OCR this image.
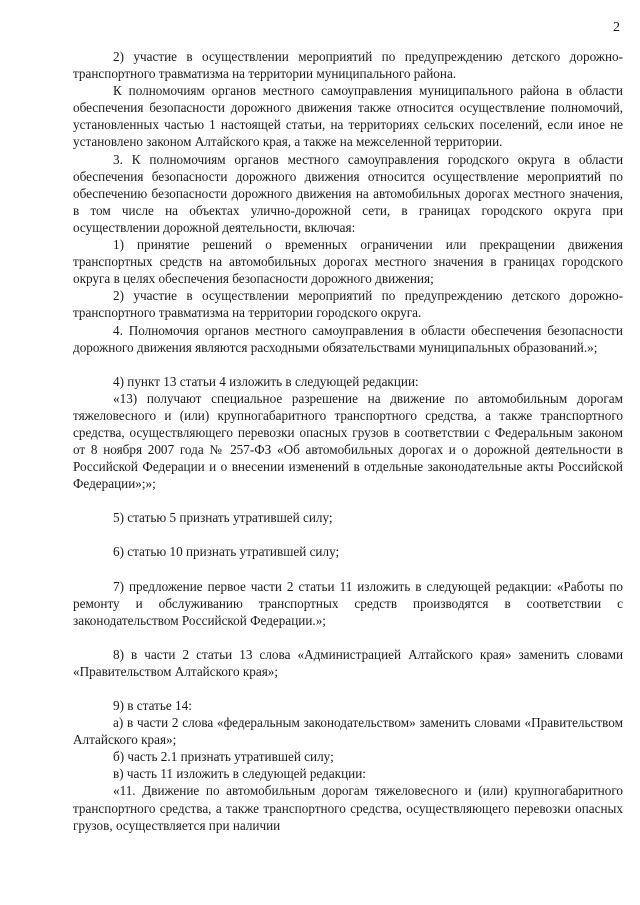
2

2) участие в осуществлении мероприятий по предупреждению детского дорожно-транспортного травматизма на территории муниципального района.

К полномочиям органов местного самоуправления муниципального района в области обеспечения безопасности дорожного движения также относится осуществление полномочий, установленных частью 1 настоящей статьи, на территориях сельских поселений, если иное не установлено законом Алтайского края, а также на межселенной территории.

3. К полномочиям органов местного самоуправления городского округа в области обеспечения безопасности дорожного движения относится осуществление мероприятий по обеспечению безопасности дорожного движения на автомобильных дорогах местного значения, в том числе на объектах улично-дорожной сети, в границах городского округа при осуществлении дорожной деятельности, включая:

1) принятие решений о временных ограничении или прекращении движения транспортных средств на автомобильных дорогах местного значения в границах городского округа в целях обеспечения безопасности дорожного движения;

2) участие в осуществлении мероприятий по предупреждению детского дорожно-транспортного травматизма на территории городского округа.

4. Полномочия органов местного самоуправления в области обеспечения безопасности дорожного движения являются расходными обязательствами муниципальных образований.»;

4) пункт 13 статьи 4 изложить в следующей редакции:

«13) получают специальное разрешение на движение по автомобильным дорогам тяжеловесного и (или) крупногабаритного транспортного средства, а также транспортного средства, осуществляющего перевозки опасных грузов в соответствии с Федеральным законом от 8 ноября 2007 года № 257-ФЗ «Об автомобильных дорогах и о дорожной деятельности в Российской Федерации и о внесении изменений в отдельные законодательные акты Российской Федерации»;»;

5) статью 5 признать утратившей силу;

6) статью 10 признать утратившей силу;

7) предложение первое части 2 статьи 11 изложить в следующей редакции: «Работы по ремонту и обслуживанию транспортных средств производятся в соответствии с законодательством Российской Федерации.»;

8) в части 2 статьи 13 слова «Администрацией Алтайского края» заменить словами «Правительством Алтайского края»;

9) в статье 14:

а) в части 2 слова «федеральным законодательством» заменить словами «Правительством Алтайского края»;

б) часть 2.1 признать утратившей силу;

в) часть 11 изложить в следующей редакции:

«11. Движение по автомобильным дорогам тяжеловесного и (или) крупногабаритного транспортного средства, а также транспортного средства, осуществляющего перевозки опасных грузов, осуществляется при наличии
